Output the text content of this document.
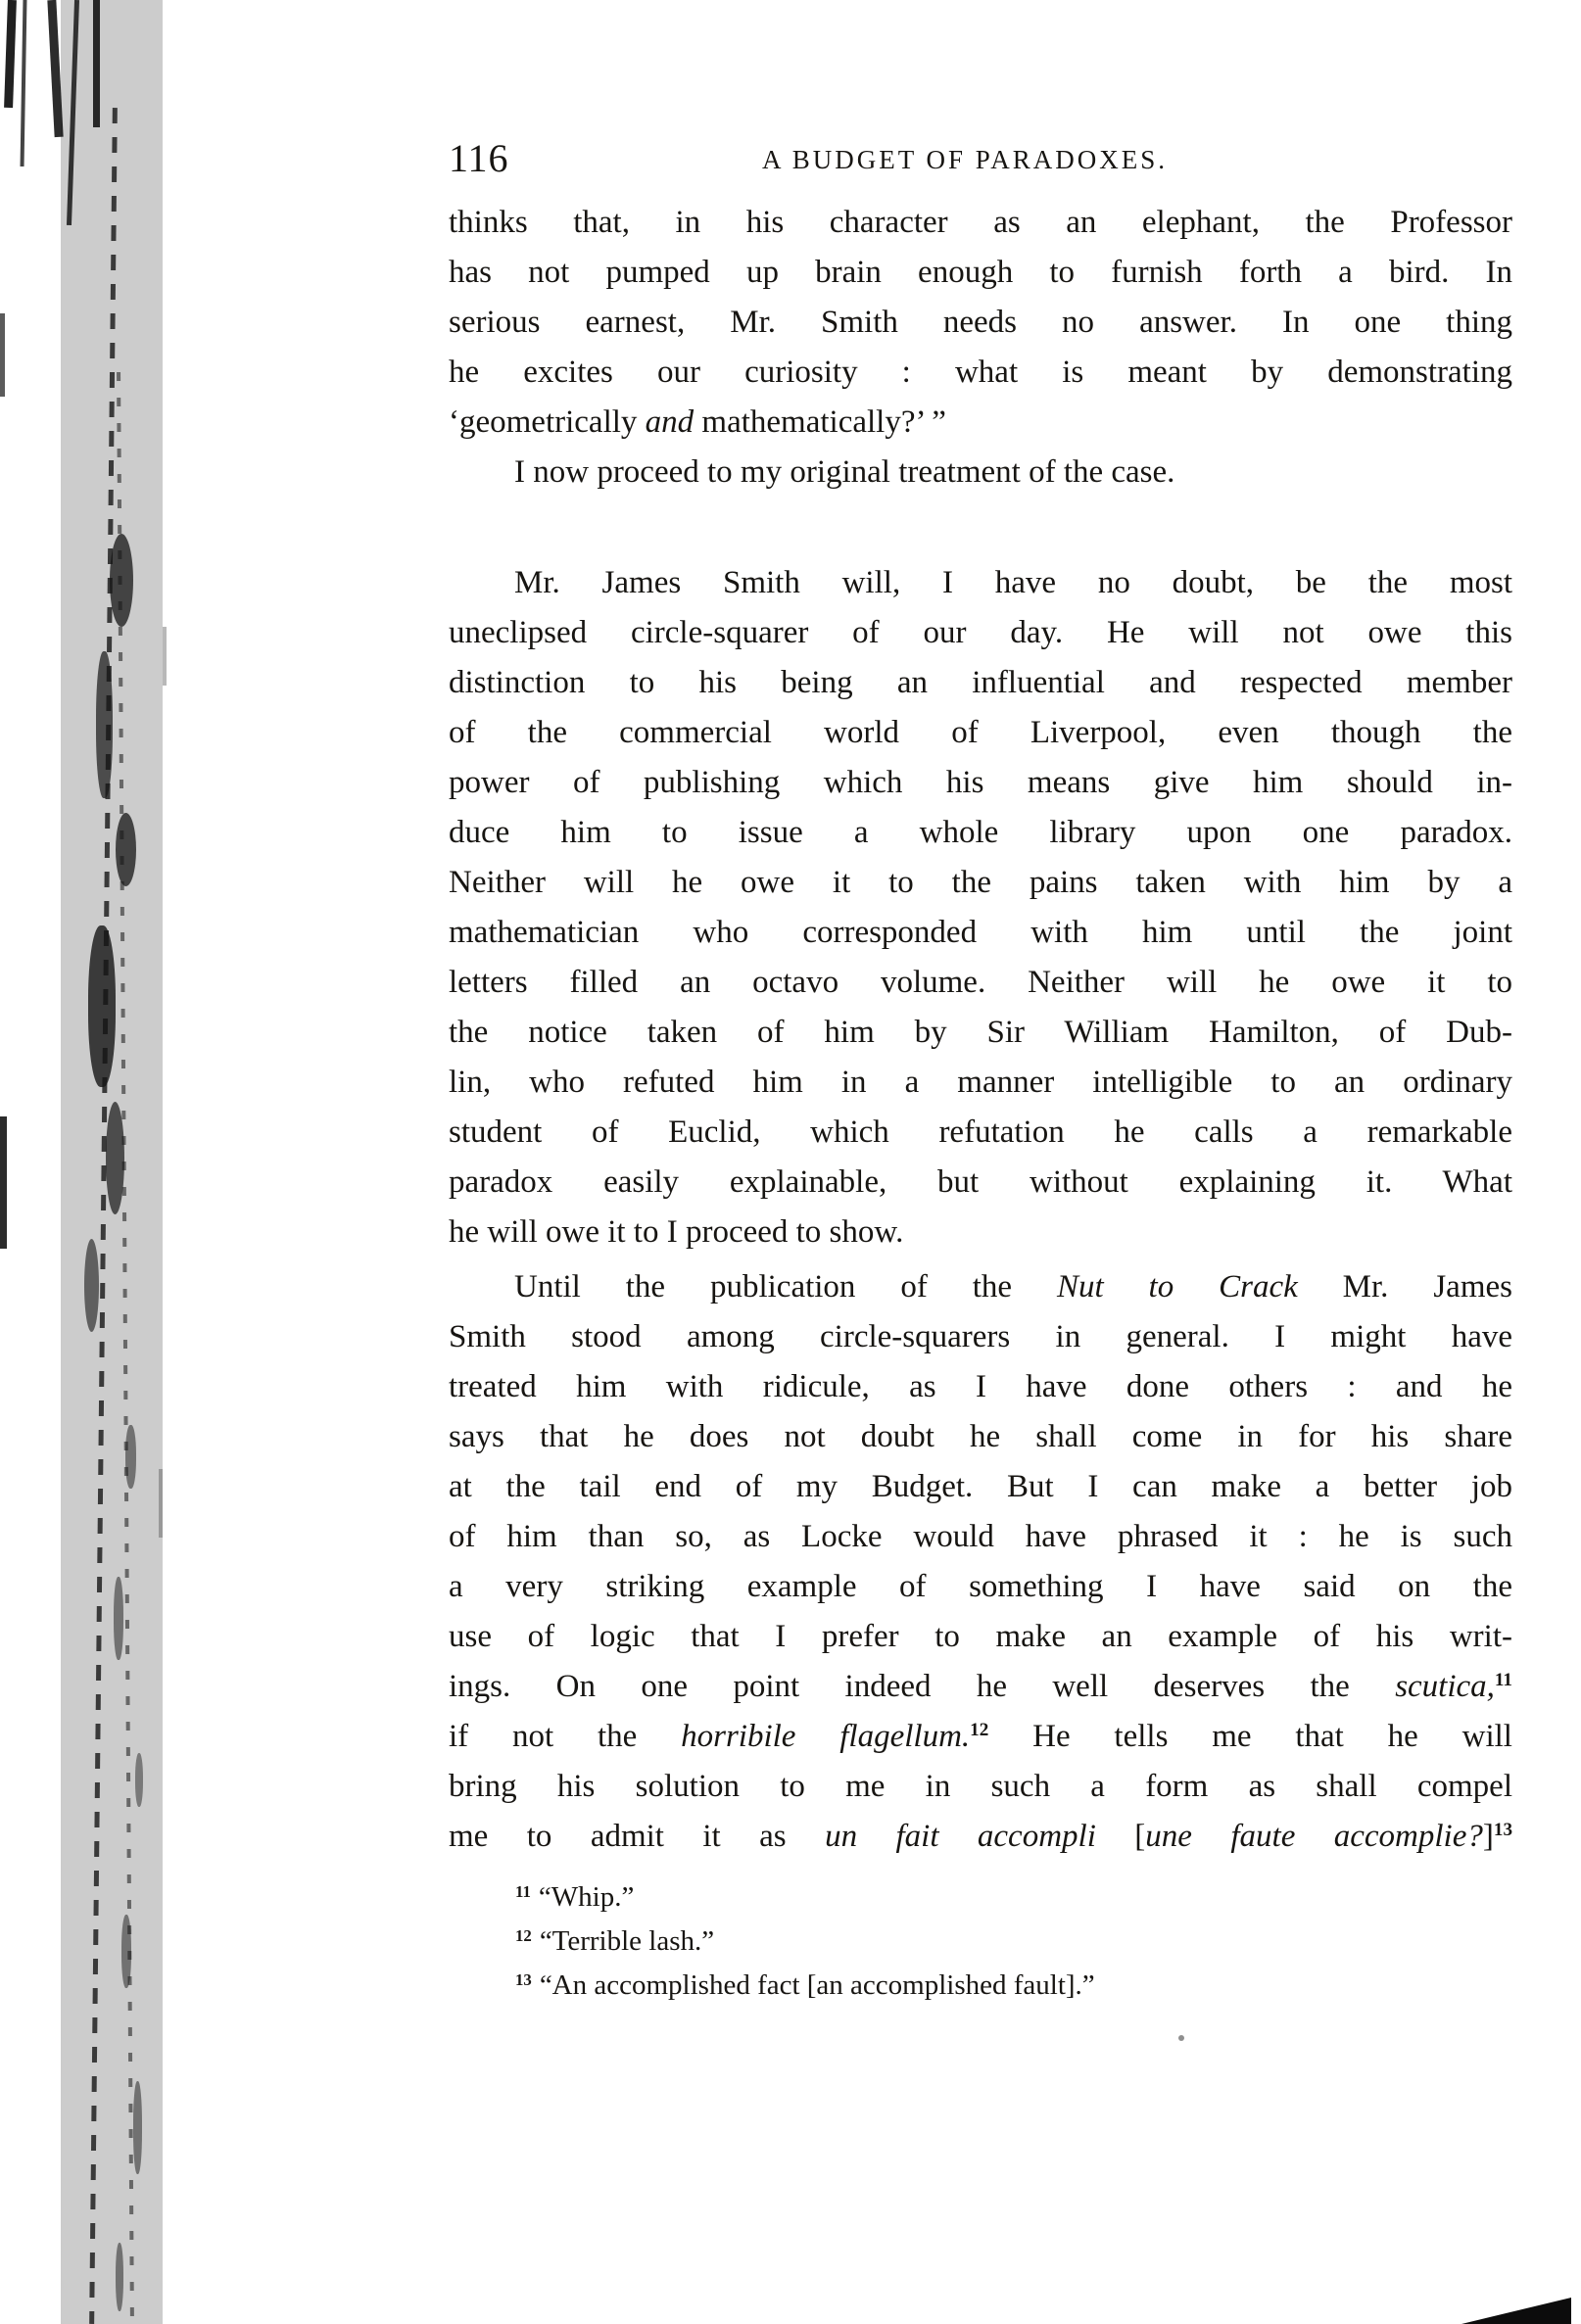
116	A BUDGET OF PARADOXES.
thinks that, in his character as an elephant, the Professor
has not pumped up brain enough to furnish forth a bird. In
serious earnest, Mr. Smith needs no answer. In one thing
he excites our curiosity : what is meant by demonstrating
‘geometrically and mathematically?’ ”
I now proceed to my original treatment of the case.
Mr. James Smith will, I have no doubt, be the most
uneclipsed circle-squarer of our day. He will not owe this
distinction to his being an influential and respected member
of the commercial world of Liverpool, even though the
power of publishing which his means give him should in-
duce him to issue a whole library upon one paradox.
Neither will he owe it to the pains taken with him by a
mathematician who corresponded with him until the joint
letters filled an octavo volume. Neither will he owe it to
the notice taken of him by Sir William Hamilton, of Dub-
lin, who refuted him in a manner intelligible to an ordinary
student of Euclid, which refutation he calls a remarkable
paradox easily explainable, but without explaining it. What
he will owe it to I proceed to show.
Until the publication of the Nut to Crack Mr. James
Smith stood among circle-squarers in general. I might have
treated him with ridicule, as I have done others : and he
says that he does not doubt he shall come in for his share
at the tail end of my Budget. But I can make a better job
of him than so, as Locke would have phrased it : he is such
a very striking example of something I have said on the
use of logic that I prefer to make an example of his writ-
ings. On one point indeed he well deserves the scutica,$^{11}$
if not the horribile flagellum.$^{12}$ He tells me that he will
bring his solution to me in such a form as shall compel
me to admit it as un fait accompli [une faute accomplie?]$^{13}$
$^{11}$ “Whip.”
$^{12}$ “Terrible lash.”
$^{13}$ “An accomplished fact [an accomplished fault].”
